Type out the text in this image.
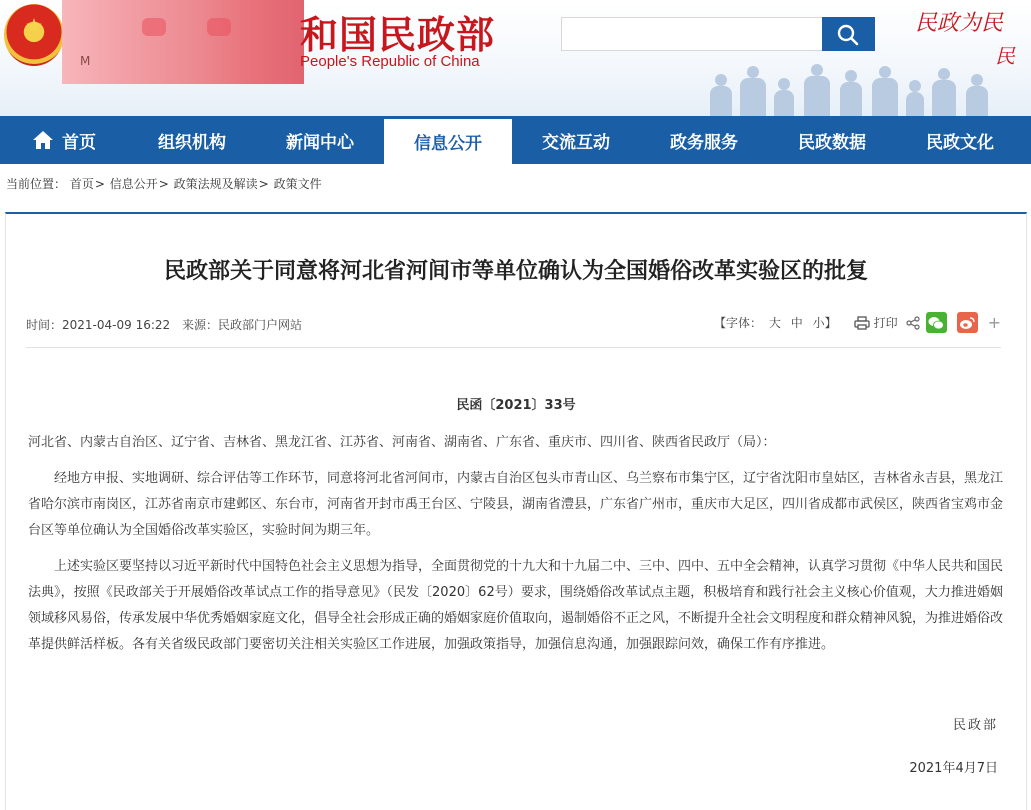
M
和国民政部
People's Republic of China
民政为民
民
首页	组织机构	新闻中心	信息公开	交流互动	政务服务	民政数据	民政文化
当前位置： 首页> 信息公开> 政策法规及解读> 政策文件
民政部关于同意将河北省河间市等单位确认为全国婚俗改革实验区的批复
时间：2021-04-09 16:22 来源：民政部门户网站	【字体： 大 中 小】	打印	+
民函〔2021〕33号

河北省、内蒙古自治区、辽宁省、吉林省、黑龙江省、江苏省、河南省、湖南省、广东省、重庆市、四川省、陕西省民政厅（局）：

经地方申报、实地调研、综合评估等工作环节，同意将河北省河间市，内蒙古自治区包头市青山区、乌兰察布市集宁区，辽宁省沈阳市皇姑区，吉林省永吉县，黑龙江省哈尔滨市南岗区，江苏省南京市建邺区、东台市，河南省开封市禹王台区、宁陵县，湖南省澧县，广东省广州市，重庆市大足区，四川省成都市武侯区，陕西省宝鸡市金台区等单位确认为全国婚俗改革实验区，实验时间为期三年。

上述实验区要坚持以习近平新时代中国特色社会主义思想为指导，全面贯彻党的十九大和十九届二中、三中、四中、五中全会精神，认真学习贯彻《中华人民共和国民法典》，按照《民政部关于开展婚俗改革试点工作的指导意见》（民发〔2020〕62号）要求，围绕婚俗改革试点主题，积极培育和践行社会主义核心价值观，大力推进婚姻领域移风易俗，传承发展中华优秀婚姻家庭文化，倡导全社会形成正确的婚姻家庭价值取向，遏制婚俗不正之风，不断提升全社会文明程度和群众精神风貌，为推进婚俗改革提供鲜活样板。各有关省级民政部门要密切关注相关实验区工作进展，加强政策指导，加强信息沟通，加强跟踪问效，确保工作有序推进。

民政部
2021年4月7日
